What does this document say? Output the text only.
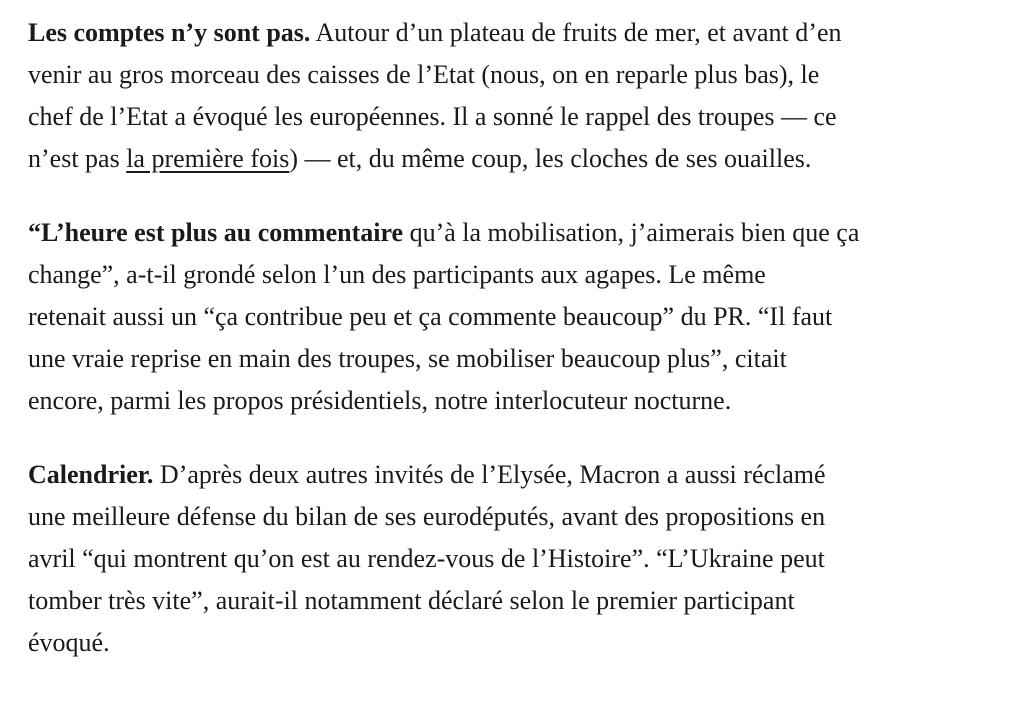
Les comptes n’y sont pas. Autour d’un plateau de fruits de mer, et avant d’en
venir au gros morceau des caisses de l’Etat (nous, on en reparle plus bas), le
chef de l’Etat a évoqué les européennes. Il a sonné le rappel des troupes — ce
n’est pas la première fois) — et, du même coup, les cloches de ses ouailles.

“L’heure est plus au commentaire qu’à la mobilisation, j’aimerais bien que ça
change”, a-t-il grondé selon l’un des participants aux agapes. Le même
retenait aussi un “ça contribue peu et ça commente beaucoup” du PR. “Il faut
une vraie reprise en main des troupes, se mobiliser beaucoup plus”, citait
encore, parmi les propos présidentiels, notre interlocuteur nocturne.

Calendrier. D’après deux autres invités de l’Elysée, Macron a aussi réclamé
une meilleure défense du bilan de ses eurodéputés, avant des propositions en
avril “qui montrent qu’on est au rendez-vous de l’Histoire”. “L’Ukraine peut
tomber très vite”, aurait-il notamment déclaré selon le premier participant
évoqué.
